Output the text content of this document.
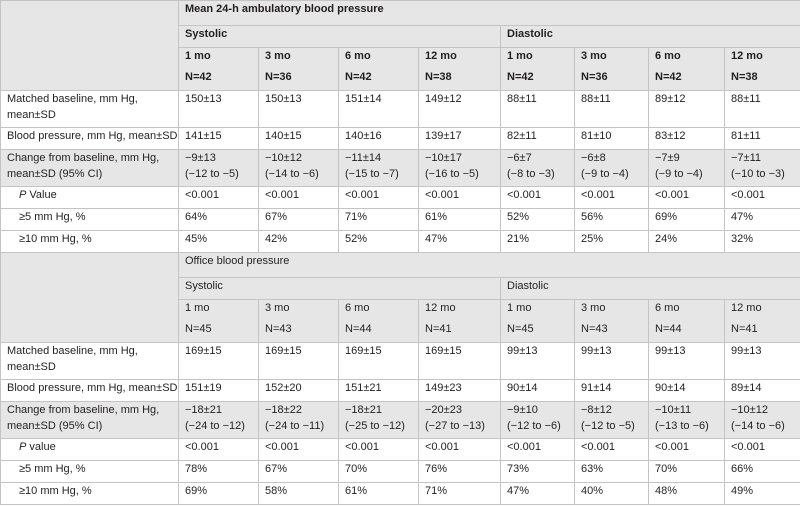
	Mean 24-h ambulatory blood pressure							
	Systolic				Diastolic			
	1 mo	3 mo	6 mo	12 mo	1 mo	3 mo	6 mo	12 mo
	N=42	N=36	N=42	N=38	N=42	N=36	N=42	N=38

Matched baseline, mm Hg,
mean±SD	150±13	150±13	151±14	149±12	88±11	88±11	89±12	88±11

Blood pressure, mm Hg, mean±SD	141±15	140±15	140±16	139±17	82±11	81±10	83±12	81±11

Change from baseline, mm Hg,
mean±SD (95% CI)	−9±13
(−12 to −5)	−10±12
(−14 to −6)	−11±14
(−15 to −7)	−10±17
(−16 to −5)	−6±7
(−8 to −3)	−6±8
(−9 to −4)	−7±9
(−9 to −4)	−7±11
(−10 to −3)

P Value	<0.001	<0.001	<0.001	<0.001	<0.001	<0.001	<0.001	<0.001

≥5 mm Hg, %	64%	67%	71%	61%	52%	56%	69%	47%

≥10 mm Hg, %	45%	42%	52%	47%	21%	25%	24%	32%

	Office blood pressure							
	Systolic				Diastolic			
	1 mo	3 mo	6 mo	12 mo	1 mo	3 mo	6 mo	12 mo
	N=45	N=43	N=44	N=41	N=45	N=43	N=44	N=41

Matched baseline, mm Hg,
mean±SD	169±15	169±15	169±15	169±15	99±13	99±13	99±13	99±13

Blood pressure, mm Hg, mean±SD	151±19	152±20	151±21	149±23	90±14	91±14	90±14	89±14

Change from baseline, mm Hg,
mean±SD (95% CI)	−18±21
(−24 to −12)	−18±22
(−24 to −11)	−18±21
(−25 to −12)	−20±23
(−27 to −13)	−9±10
(−12 to −6)	−8±12
(−12 to −5)	−10±11
(−13 to −6)	−10±12
(−14 to −6)

P value	<0.001	<0.001	<0.001	<0.001	<0.001	<0.001	<0.001	<0.001

≥5 mm Hg, %	78%	67%	70%	76%	73%	63%	70%	66%

≥10 mm Hg, %	69%	58%	61%	71%	47%	40%	48%	49%
